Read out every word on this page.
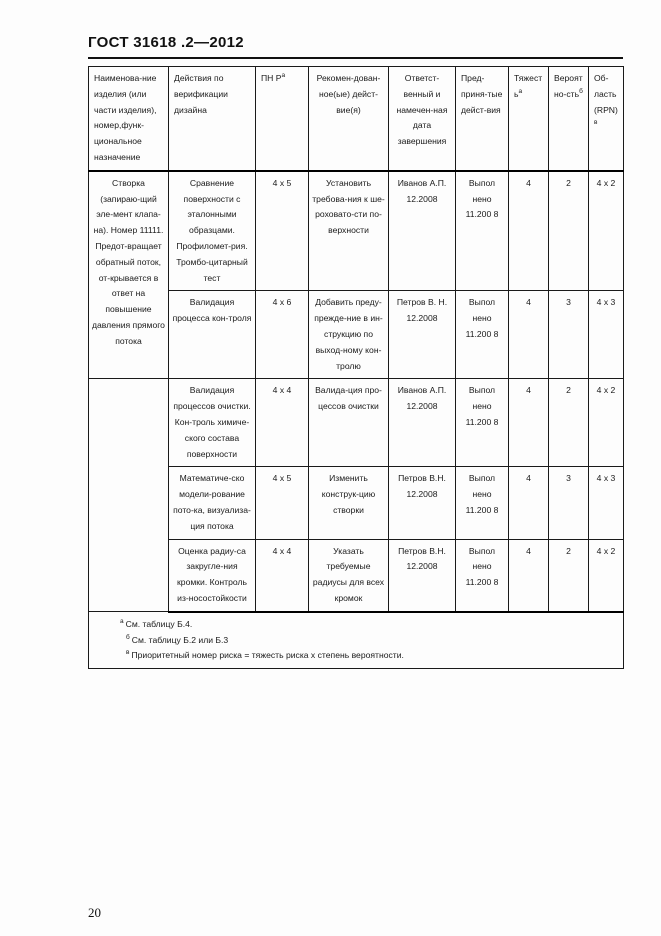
ГОСТ 31618 .2—2012
Наименова-ние изделия (или части изделия), номер,функ-циональное назначение	Действия по верификации дизайна	ПН $Р^а$	Рекомен-дован-ное(ые) дейст-вие(я)	Ответст-венный и намечен-ная дата завершения	Пред-приня-тые дейст-вия	Тяжесть$^а$	Вероятно-сть$^б$	Об-ласть (RPN)$^в$
Створка (запираю-щий эле-мент клапа-на). Номер 11111. Предот-вращает обратный поток, от-крывается в ответ на повышение давления прямого потока	Сравнение поверхности с эталонными образцами. Профиломет-рия. Тромбо-цитарный тест	4 x 5	Установить требова-ния к ше-роховато-сти по-верхности	Иванов А.П. 12.2008	Выпол нено 11.200 8	4	2	4 x 2
	Валидация процесса кон-троля	4 x 6	Добавить преду-прежде-ние в ин-струкцию по выход-ному кон-тролю	Петров В. Н. 12.2008	Выпол нено 11.200 8	4	3	4 x 3
	Валидация процессов очистки. Кон-троль химиче-ского состава поверхности	4 x 4	Валида-ция про-цессов очистки	Иванов А.П. 12.2008	Выпол нено 11.200 8	4	2	4 x 2
	Математиче-ско модели-рование пото-ка, визуализа-ция потока	4 x 5	Изменить конструк-цию створки	Петров В.Н. 12.2008	Выпол нено 11.200 8	4	3	4 x 3
	Оценка радиу-са закругле-ния кромки. Контроль из-носостойкости	4 x 4	Указать требуемые радиусы для всех кромок	Петров В.Н. 12.2008	Выпол нено 11.200 8	4	2	4 x 2

$^а$ См. таблицу Б.4.
$^б$ См. таблицу Б.2 или Б.3
$^в$ Приоритетный номер риска = тяжесть риска х степень вероятности.								
20
